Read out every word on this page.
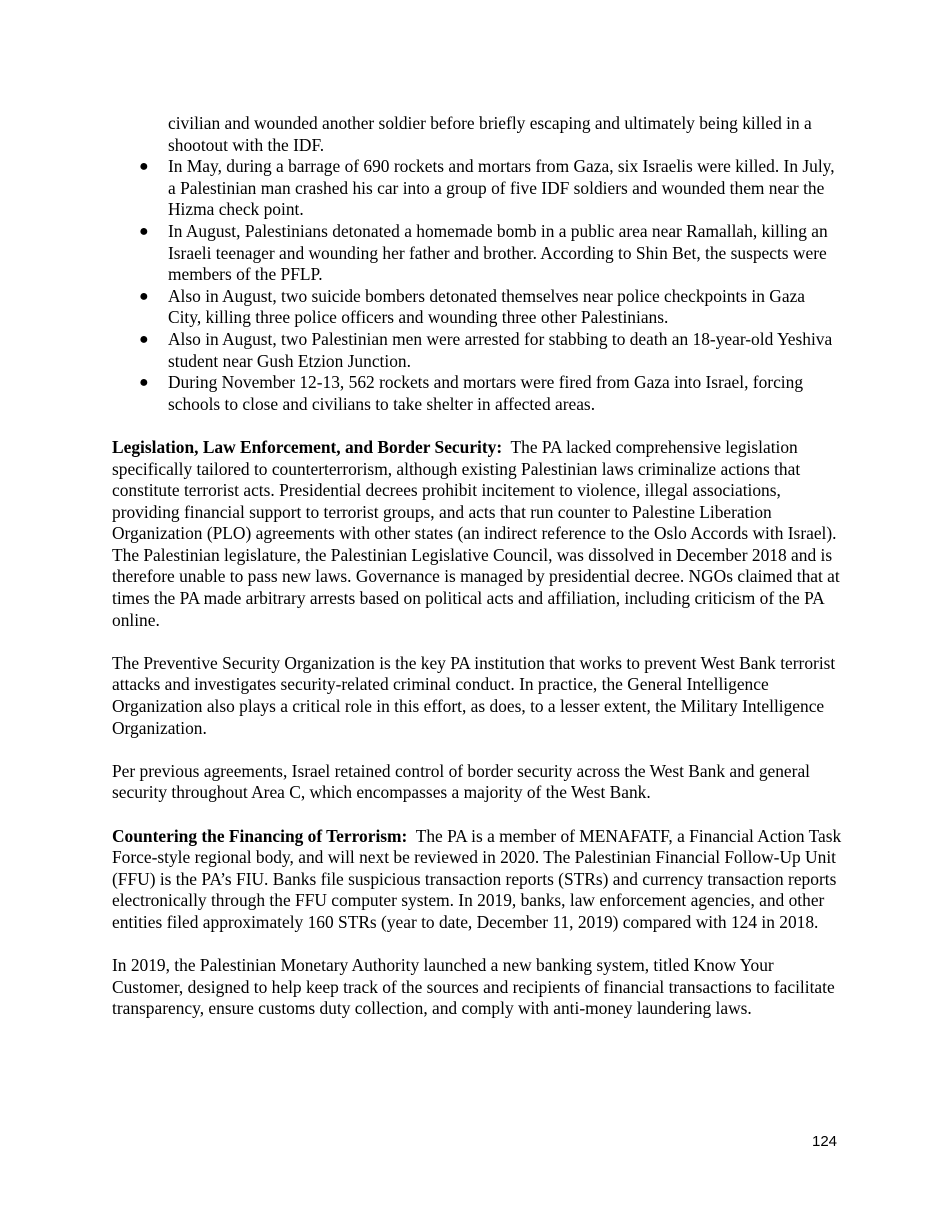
civilian and wounded another soldier before briefly escaping and ultimately being killed in a shootout with the IDF.
● In May, during a barrage of 690 rockets and mortars from Gaza, six Israelis were killed. In July, a Palestinian man crashed his car into a group of five IDF soldiers and wounded them near the Hizma check point.
● In August, Palestinians detonated a homemade bomb in a public area near Ramallah, killing an Israeli teenager and wounding her father and brother. According to Shin Bet, the suspects were members of the PFLP.
● Also in August, two suicide bombers detonated themselves near police checkpoints in Gaza City, killing three police officers and wounding three other Palestinians.
● Also in August, two Palestinian men were arrested for stabbing to death an 18-year-old Yeshiva student near Gush Etzion Junction.
● During November 12-13, 562 rockets and mortars were fired from Gaza into Israel, forcing schools to close and civilians to take shelter in affected areas.

Legislation, Law Enforcement, and Border Security: The PA lacked comprehensive legislation specifically tailored to counterterrorism, although existing Palestinian laws criminalize actions that constitute terrorist acts. Presidential decrees prohibit incitement to violence, illegal associations, providing financial support to terrorist groups, and acts that run counter to Palestine Liberation Organization (PLO) agreements with other states (an indirect reference to the Oslo Accords with Israel). The Palestinian legislature, the Palestinian Legislative Council, was dissolved in December 2018 and is therefore unable to pass new laws. Governance is managed by presidential decree. NGOs claimed that at times the PA made arbitrary arrests based on political acts and affiliation, including criticism of the PA online.

The Preventive Security Organization is the key PA institution that works to prevent West Bank terrorist attacks and investigates security-related criminal conduct. In practice, the General Intelligence Organization also plays a critical role in this effort, as does, to a lesser extent, the Military Intelligence Organization.

Per previous agreements, Israel retained control of border security across the West Bank and general security throughout Area C, which encompasses a majority of the West Bank.

Countering the Financing of Terrorism: The PA is a member of MENAFATF, a Financial Action Task Force-style regional body, and will next be reviewed in 2020. The Palestinian Financial Follow-Up Unit (FFU) is the PA’s FIU. Banks file suspicious transaction reports (STRs) and currency transaction reports electronically through the FFU computer system. In 2019, banks, law enforcement agencies, and other entities filed approximately 160 STRs (year to date, December 11, 2019) compared with 124 in 2018.

In 2019, the Palestinian Monetary Authority launched a new banking system, titled Know Your Customer, designed to help keep track of the sources and recipients of financial transactions to facilitate transparency, ensure customs duty collection, and comply with anti-money laundering laws.

124
